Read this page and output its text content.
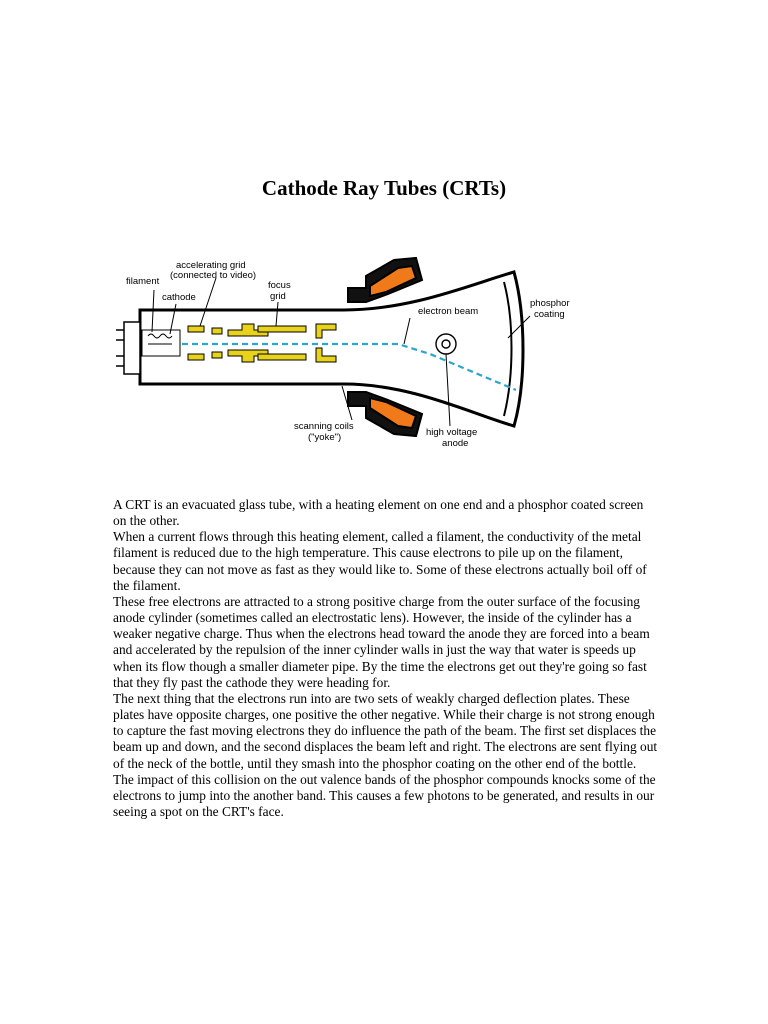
Cathode Ray Tubes (CRTs)
filament
accelerating grid
(connected to video)
cathode
focus
grid
electron beam
phosphor
coating
scanning coils
("yoke")	high voltage
anode

A CRT is an evacuated glass tube, with a heating element on one end and a phosphor coated screen on the other.

When a current flows through this heating element, called a filament, the conductivity of the metal filament is reduced due to the high temperature. This cause electrons to pile up on the filament, because they can not move as fast as they would like to. Some of these electrons actually boil off of the filament.

These free electrons are attracted to a strong positive charge from the outer surface of the focusing anode cylinder (sometimes called an electrostatic lens). However, the inside of the cylinder has a weaker negative charge. Thus when the electrons head toward the anode they are forced into a beam and accelerated by the repulsion of the inner cylinder walls in just the way that water is speeds up when its flow though a smaller diameter pipe. By the time the electrons get out they're going so fast that they fly past the cathode they were heading for.

The next thing that the electrons run into are two sets of weakly charged deflection plates. These plates have opposite charges, one positive the other negative. While their charge is not strong enough to capture the fast moving electrons they do influence the path of the beam. The first set displaces the beam up and down, and the second displaces the beam left and right. The electrons are sent flying out of the neck of the bottle, until they smash into the phosphor coating on the other end of the bottle.

The impact of this collision on the out valence bands of the phosphor compounds knocks some of the electrons to jump into the another band. This causes a few photons to be generated, and results in our seeing a spot on the CRT's face.
